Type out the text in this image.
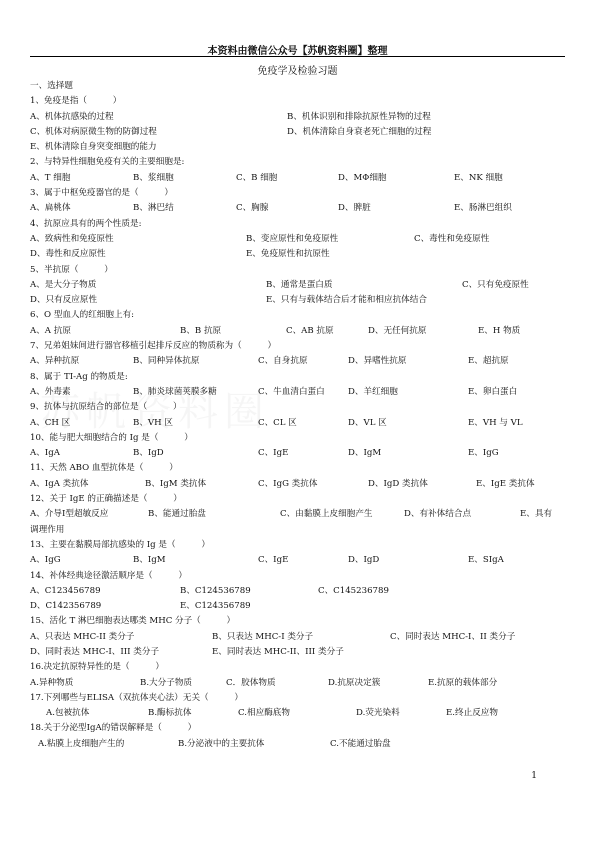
本资料由微信公众号【苏帆资料圈】整理
免疫学及检验习题
一、选择题
1、免疫是指（　　　）
A、机体抗感染的过程	B、机体识别和排除抗原性异物的过程
C、机体对病原微生物的防御过程	D、机体清除自身衰老死亡细胞的过程
E、机体清除自身突变细胞的能力
2、与特异性细胞免疫有关的主要细胞是:
A、T 细胞	B、浆细胞	C、B 细胞	D、MΦ细胞	E、NK 细胞
3、属于中枢免疫器官的是（　　　）
A、扁桃体	B、淋巴结	C、胸腺	D、脾脏	E、肠淋巴组织
4、抗原应具有的两个性质是:
A、致病性和免疫原性	B、变应原性和免疫原性	C、毒性和免疫原性
D、毒性和反应原性	E、免疫原性和抗原性
5、半抗原（　　　）
A、是大分子物质	B、通常是蛋白质	C、只有免疫原性
D、只有反应原性	E、只有与载体结合后才能和相应抗体结合
6、O 型血人的红细胞上有:
A、A 抗原	B、B 抗原	C、AB 抗原	D、无任何抗原	E、H 物质
7、兄弟姐妹间进行器官移植引起排斥反应的物质称为（　　　）
A、异种抗原	B、同种异体抗原	C、自身抗原	D、异嗜性抗原	E、超抗原
8、属于 TI-Ag 的物质是:
A、外毒素	B、肺炎球菌荚膜多糖	C、牛血清白蛋白	D、羊红细胞	E、卵白蛋白
9、抗体与抗原结合的部位是（　　　）
A、CH 区	B、VH 区	C、CL 区	D、VL 区	E、VH 与 VL
10、能与肥大细胞结合的 Ig 是（　　　）
A、IgA	B、IgD	C、IgE	D、IgM	E、IgG
11、天然 ABO 血型抗体是（　　　）
A、IgA 类抗体	B、IgM 类抗体	C、IgG 类抗体	D、IgD 类抗体	E、IgE 类抗体
12、关于 IgE 的正确描述是（　　　）
A、介导Ⅰ型超敏反应	B、能通过胎盘	C、由黏膜上皮细胞产生	D、有补体结合点	E、具有
调理作用
13、主要在黏膜局部抗感染的 Ig 是（　　　）
A、IgG	B、IgM	C、IgE	D、IgD	E、SIgA
14、补体经典途径激活顺序是（　　　）
A、C123456789	B、C124536789	C、C145236789
D、C142356789	E、C124356789
15、活化 T 淋巴细胞表达哪类 MHC 分子（　　　）
A、只表达 MHC-II 类分子	B、只表达 MHC-I 类分子	C、同时表达 MHC-I、II 类分子
D、同时表达 MHC-I、III 类分子	E、同时表达 MHC-II、III 类分子
16.决定抗原特异性的是（　　　）
A.异种物质	B.大分子物质	C．胶体物质	D.抗原决定簇	E.抗原的载体部分
17.下列哪些与ELISA（双抗体夹心法）无关（　　　）
A.包被抗体	B.酶标抗体	C.相应酶底物	D.荧光染料	E.终止反应物
18.关于分泌型IgA的错误解释是（　　　）
A.粘膜上皮细胞产生的	B.分泌液中的主要抗体	C.不能通过胎盘
1
